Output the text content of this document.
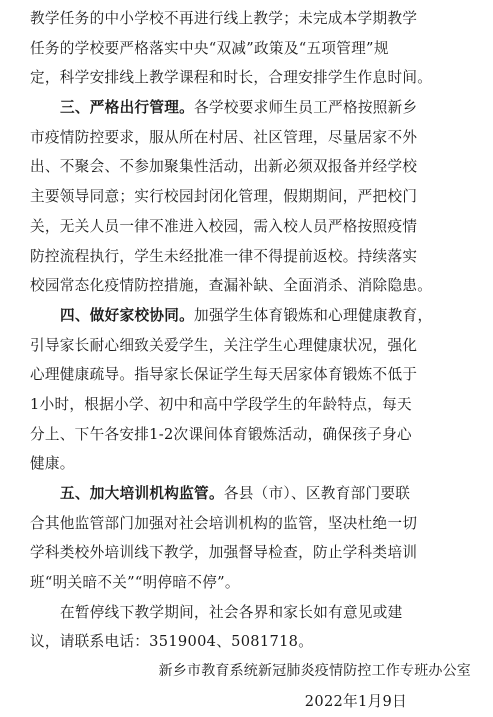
教学任务的中小学校不再进行线上教学；未完成本学期教学
任务的学校要严格落实中央“双减”政策及“五项管理”规
定，科学安排线上教学课程和时长，合理安排学生作息时间。
三、严格出行管理。各学校要求师生员工严格按照新乡
市疫情防控要求，服从所在村居、社区管理，尽量居家不外
出、不聚会、不参加聚集性活动，出新必须双报备并经学校
主要领导同意；实行校园封闭化管理，假期期间，严把校门
关，无关人员一律不准进入校园，需入校人员严格按照疫情
防控流程执行，学生未经批准一律不得提前返校。持续落实
校园常态化疫情防控措施，查漏补缺、全面消杀、消除隐患。
四、做好家校协同。加强学生体育锻炼和心理健康教育，
引导家长耐心细致关爱学生，关注学生心理健康状况，强化
心理健康疏导。指导家长保证学生每天居家体育锻炼不低于
1小时，根据小学、初中和高中学段学生的年龄特点，每天
分上、下午各安排1-2次课间体育锻炼活动，确保孩子身心
健康。
五、加大培训机构监管。各县（市）、区教育部门要联
合其他监管部门加强对社会培训机构的监管，坚决杜绝一切
学科类校外培训线下教学，加强督导检查，防止学科类培训
班“明关暗不关”“明停暗不停”。
在暂停线下教学期间，社会各界和家长如有意见或建
议，请联系电话：3519004、5081718。
新乡市教育系统新冠肺炎疫情防控工作专班办公室
2022年1月9日
